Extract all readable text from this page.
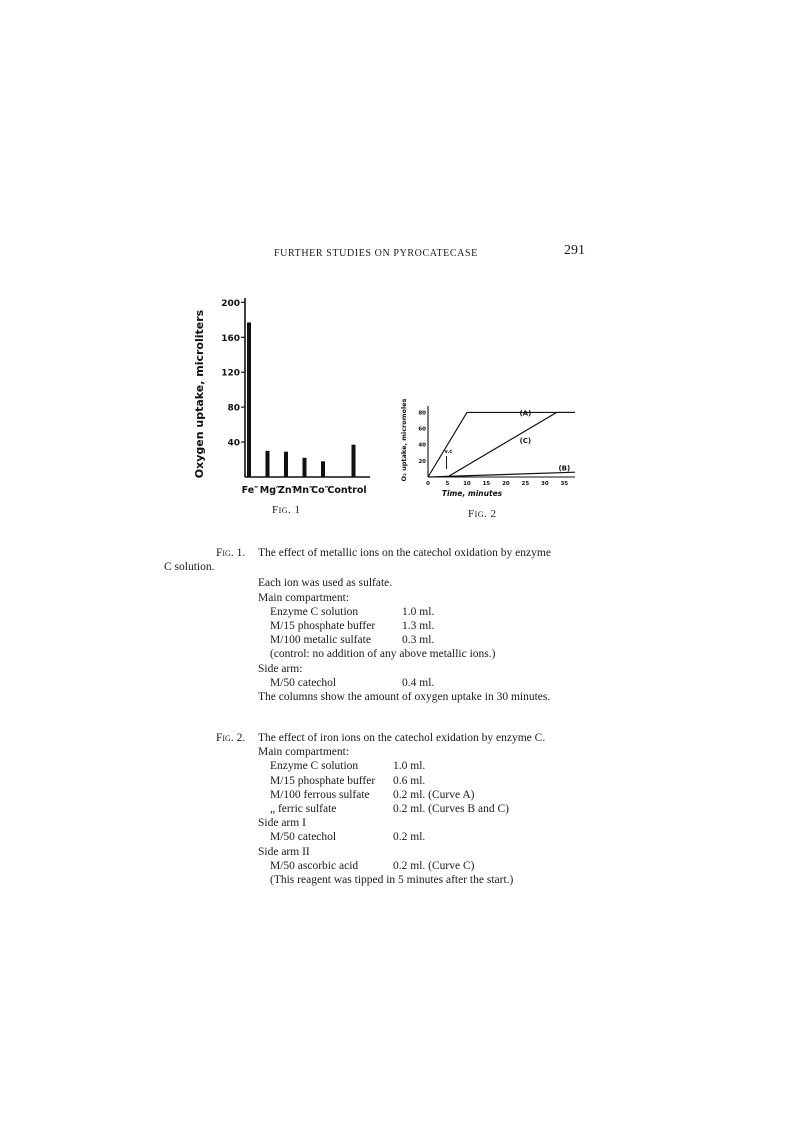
FURTHER STUDIES ON PYROCATECASE	291
40
80
120
160
200
Fe″ Mg″
Zn″
Mn″
Co″
Control
Oxygen uptake, microliters
Fig. 1
0	5 10 15 20 25 30 35
20
40
60
80	(A)
(B)
(C)
v.c
Time, minutes
O₂ uptake, micromoles
Fig. 2
Fig. 1. The effect of metallic ions on the catechol oxidation by enzyme
C solution.
Each ion was used as sulfate.
Main compartment:
Enzyme C solution	1.0 ml.
M/15 phosphate buffer 1.3 ml.
M/100 metalic sulfate	0.3 ml.
(control: no addition of any above metallic ions.)
Side arm:
M/50 catechol	0.4 ml.
The columns show the amount of oxygen uptake in 30 minutes.
Fig. 2. The effect of iron ions on the catechol exidation by enzyme C.
Main compartment:
Enzyme C solution	1.0 ml.
M/15 phosphate buffer 0.6 ml.
M/100 ferrous sulfate 0.2 ml. (Curve A)
„ ferric sulfate	0.2 ml. (Curves B and C)
Side arm I
M/50 catechol	0.2 ml.
Side arm II
M/50 ascorbic acid	0.2 ml. (Curve C)
(This reagent was tipped in 5 minutes after the start.)
